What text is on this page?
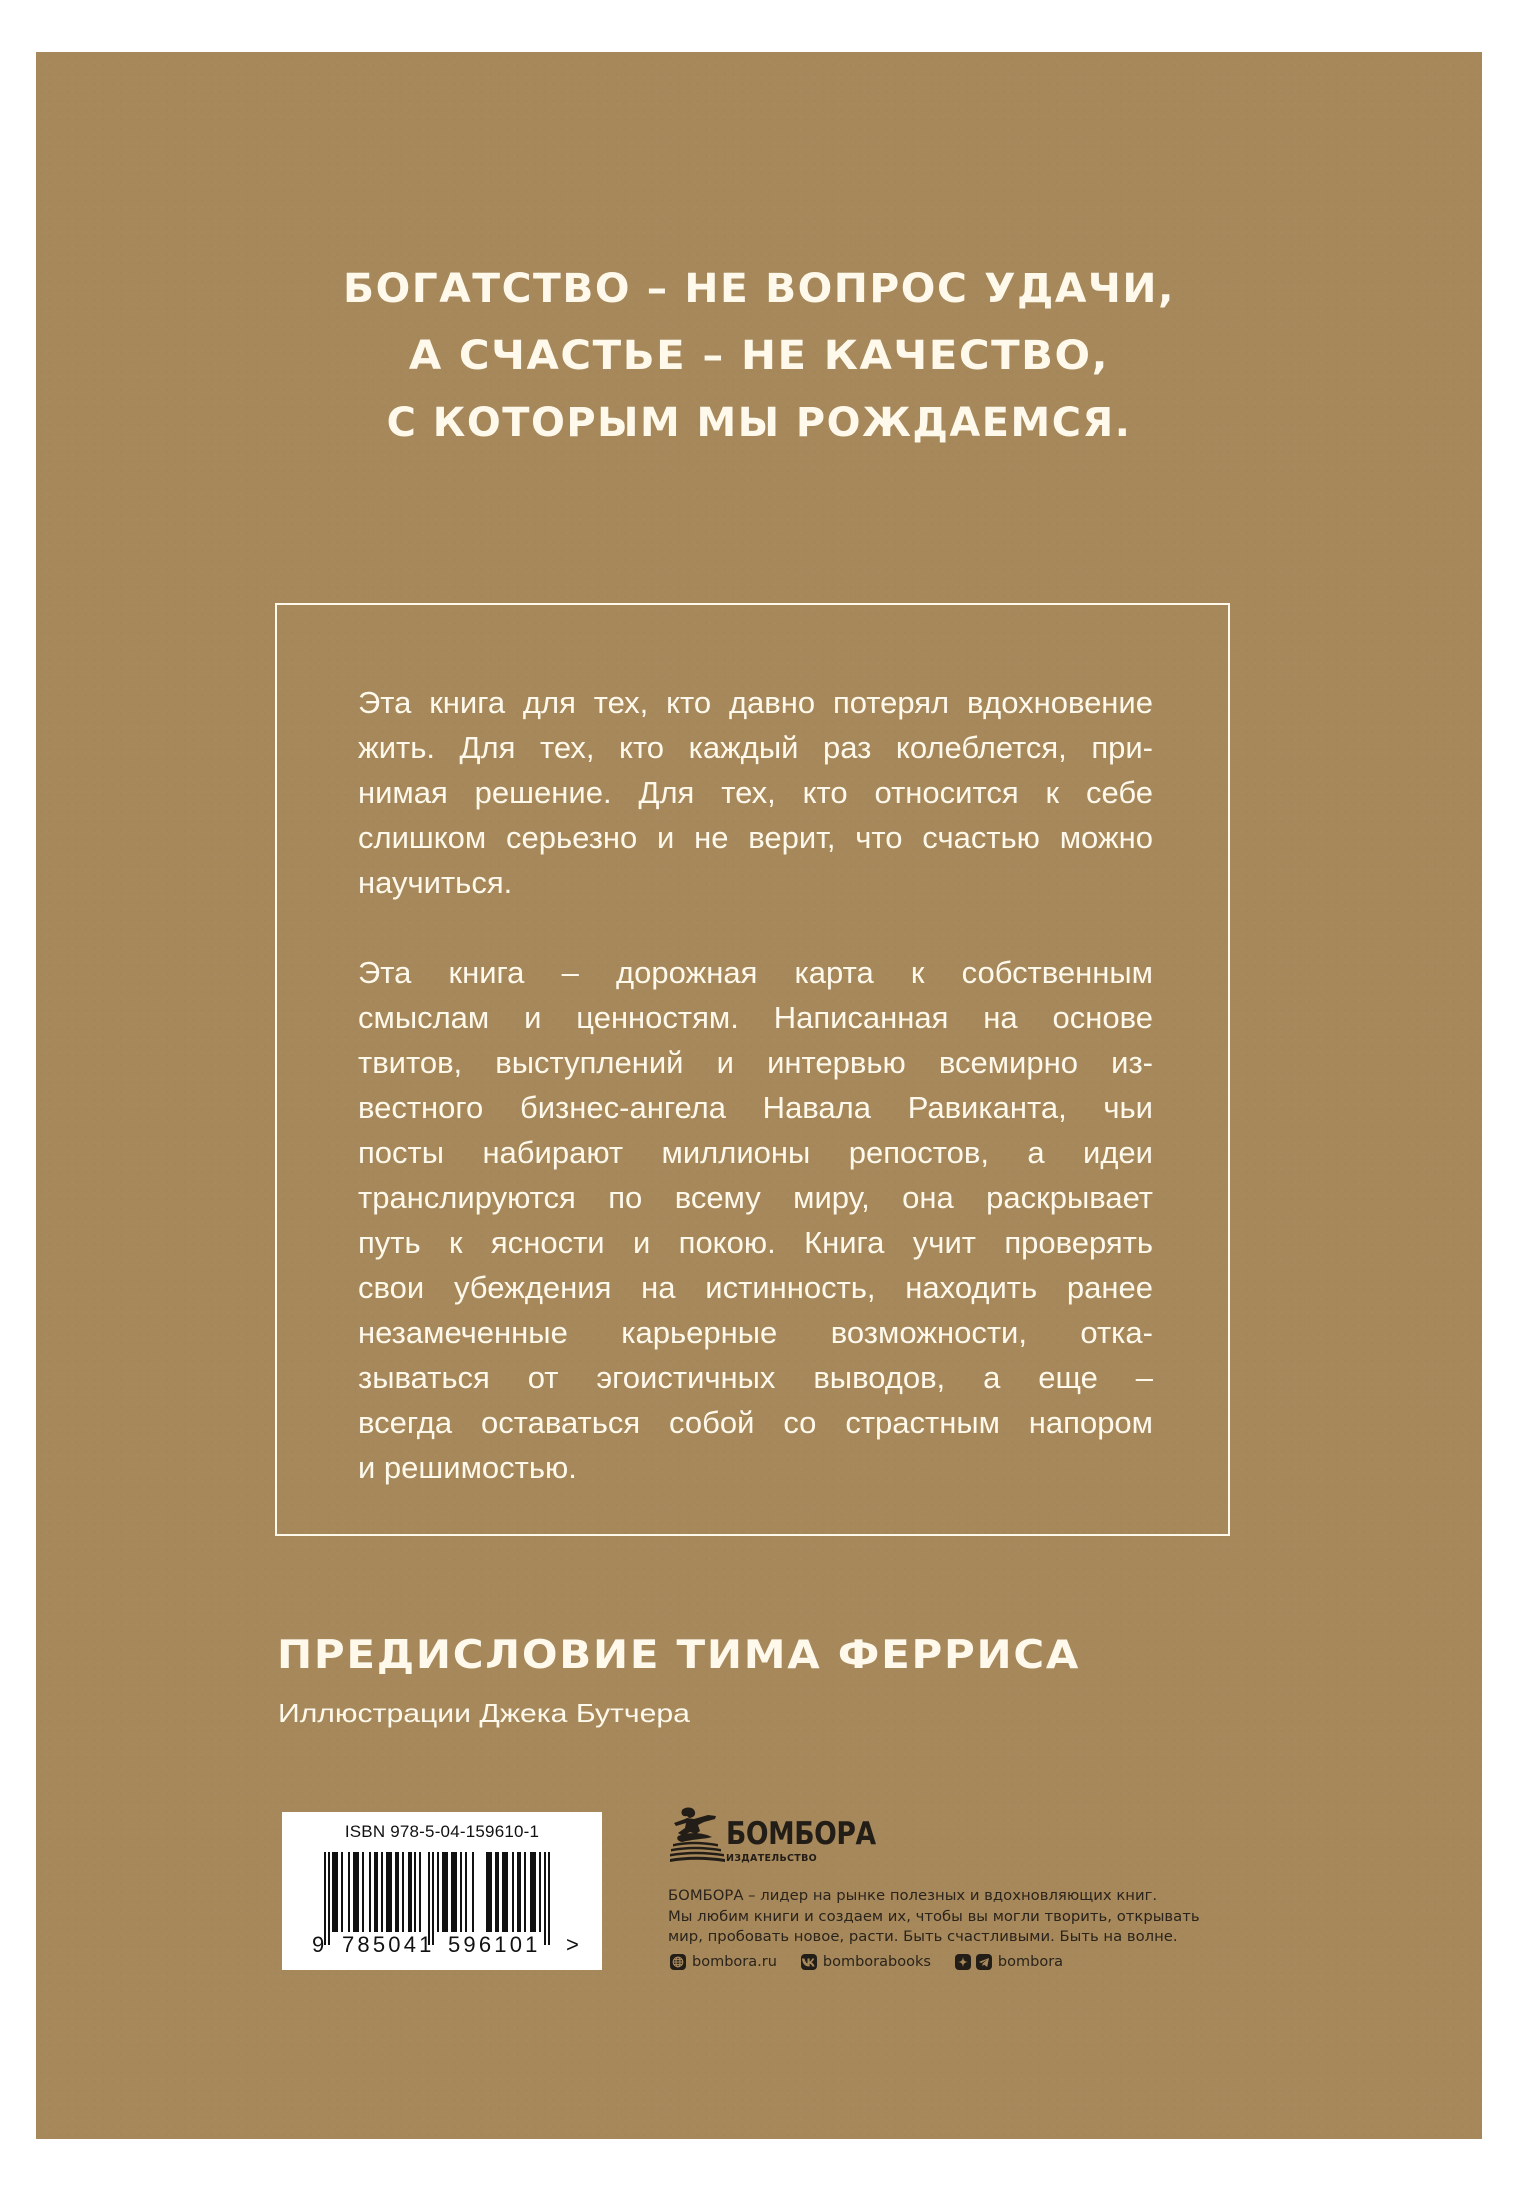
БОГАТСТВО – НЕ ВОПРОС УДАЧИ,
А СЧАСТЬЕ – НЕ КАЧЕСТВО,
С КОТОРЫМ МЫ РОЖДАЕМСЯ.
Эта книга для тех, кто давно потерял вдохновение
жить. Для тех, кто каждый раз колеблется, при-
нимая решение. Для тех, кто относится к себе
слишком серьезно и не верит, что счастью можно
научиться.
Эта книга – дорожная карта к собственным
смыслам и ценностям. Написанная на основе
твитов, выступлений и интервью всемирно из-
вестного бизнес-ангела Навала Равиканта, чьи
посты набирают миллионы репостов, а идеи
транслируются по всему миру, она раскрывает
путь к ясности и покою. Книга учит проверять
свои убеждения на истинность, находить ранее
незамеченные карьерные возможности, отка-
зываться от эгоистичных выводов, а еще –
всегда оставаться собой со страстным напором
и решимостью.
ПРЕДИСЛОВИЕ ТИМА ФЕРРИСА
Иллюстрации Джека Бутчера
ISBN 978-5-04-159610-1
9 785041 596101 >
БОМБОРА
ИЗДАТЕЛЬСТВО
БОМБОРА – лидер на рынке полезных и вдохновляющих книг.
Мы любим книги и создаем их, чтобы вы могли творить, открывать
мир, пробовать новое, расти. Быть счастливыми. Быть на волне.
bombora.ru	bomborabooks	bombora
